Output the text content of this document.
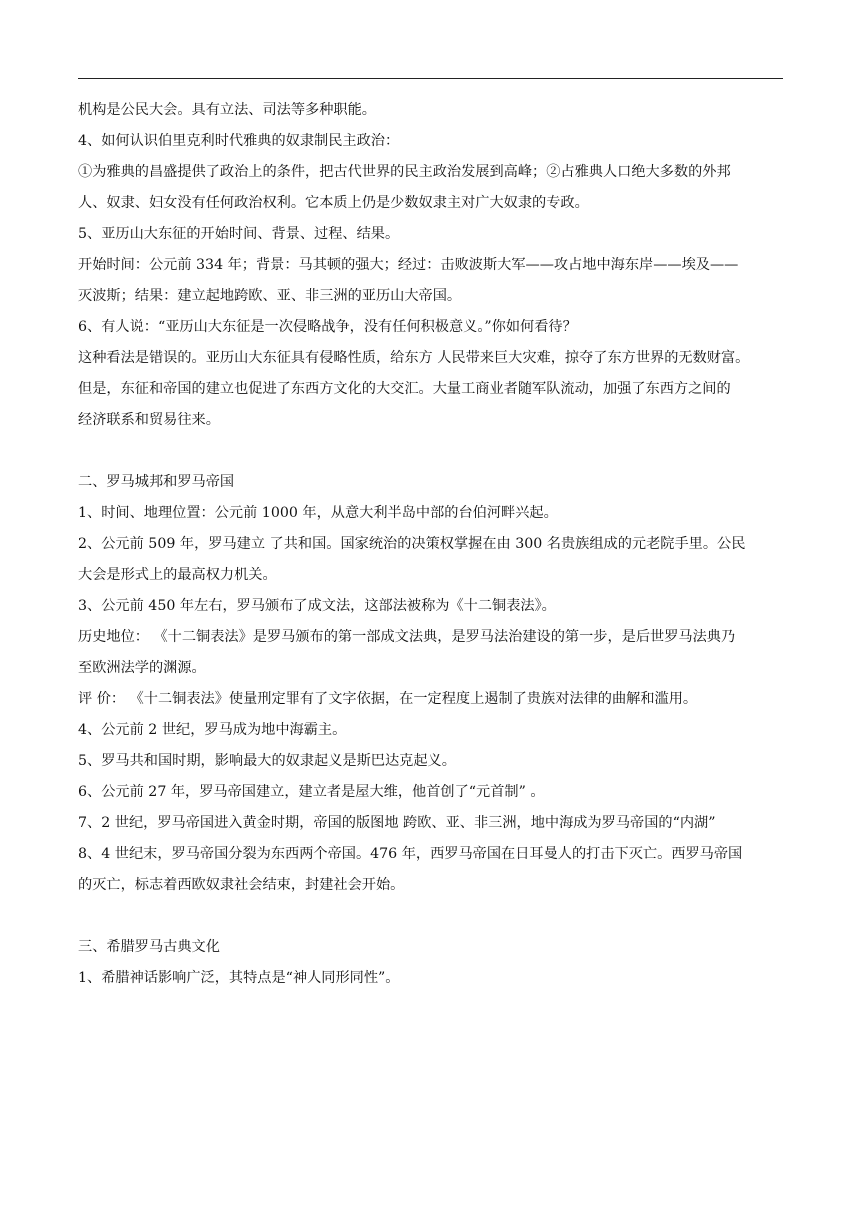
机构是公民大会。具有立法、司法等多种职能。
4、如何认识伯里克利时代雅典的奴隶制民主政治：
①为雅典的昌盛提供了政治上的条件，把古代世界的民主政治发展到高峰；②占雅典人口绝大多数的外邦
人、奴隶、妇女没有任何政治权利。它本质上仍是少数奴隶主对广大奴隶的专政。
5、亚历山大东征的开始时间、背景、过程、结果。
开始时间：公元前 334 年；背景：马其顿的强大；经过：击败波斯大军——攻占地中海东岸——埃及——
灭波斯；结果：建立起地跨欧、亚、非三洲的亚历山大帝国。
6、有人说：“亚历山大东征是一次侵略战争，没有任何积极意义。”你如何看待？
这种看法是错误的。亚历山大东征具有侵略性质，给东方 人民带来巨大灾难，掠夺了东方世界的无数财富。
但是，东征和帝国的建立也促进了东西方文化的大交汇。大量工商业者随军队流动，加强了东西方之间的
经济联系和贸易往来。
二、罗马城邦和罗马帝国
1、时间、地理位置：公元前 1000 年，从意大利半岛中部的台伯河畔兴起。
2、公元前 509 年，罗马建立 了共和国。国家统治的决策权掌握在由 300 名贵族组成的元老院手里。公民
大会是形式上的最高权力机关。
3、公元前 450 年左右，罗马颁布了成文法，这部法被称为《十二铜表法》。
历史地位： 《十二铜表法》是罗马颁布的第一部成文法典，是罗马法治建设的第一步，是后世罗马法典乃
至欧洲法学的渊源。
评 价： 《十二铜表法》使量刑定罪有了文字依据，在一定程度上遏制了贵族对法律的曲解和滥用。
4、公元前 2 世纪，罗马成为地中海霸主。
5、罗马共和国时期，影响最大的奴隶起义是斯巴达克起义。
6、公元前 27 年，罗马帝国建立，建立者是屋大维，他首创了“元首制” 。
7、2 世纪，罗马帝国进入黄金时期，帝国的版图地 跨欧、亚、非三洲，地中海成为罗马帝国的“内湖”
8、4 世纪末，罗马帝国分裂为东西两个帝国。476 年，西罗马帝国在日耳曼人的打击下灭亡。西罗马帝国
的灭亡，标志着西欧奴隶社会结束，封建社会开始。
三、希腊罗马古典文化
1、希腊神话影响广泛，其特点是“神人同形同性”。
